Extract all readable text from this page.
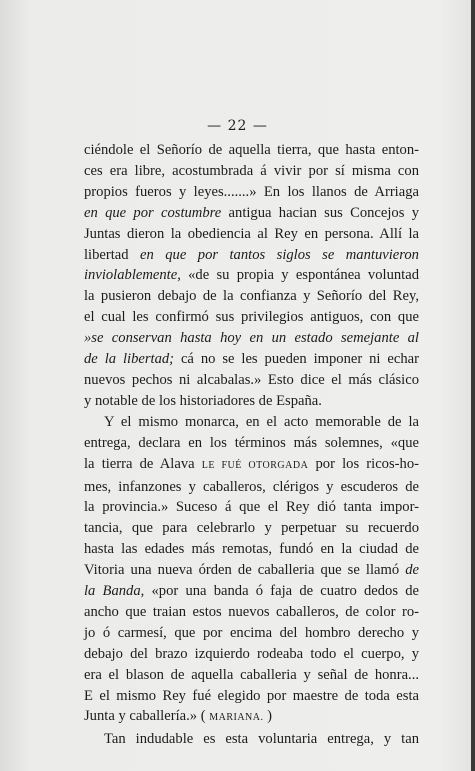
— 22 —

ciéndole el Señorío de aquella tierra, que hasta enton-
ces era libre, acostumbrada á vivir por sí misma con
propios fueros y leyes.......» En los llanos de Arriaga
en que por costumbre antigua hacian sus Concejos y
Juntas dieron la obediencia al Rey en persona. Allí la
libertad en que por tantos siglos se mantuvieron
inviolablemente, «de su propia y espontánea voluntad
la pusieron debajo de la confianza y Señorío del Rey,
el cual les confirmó sus privilegios antiguos, con que
»se conservan hasta hoy en un estado semejante al
de la libertad; cá no se les pueden imponer ni echar
nuevos pechos ni alcabalas.» Esto dice el más clásico
y notable de los historiadores de España.

Y el mismo monarca, en el acto memorable de la
entrega, declara en los términos más solemnes, «que
la tierra de Alava LE FUÉ OTORGADA por los ricos-ho-
mes, infanzones y caballeros, clérigos y escuderos de
la provincia.» Suceso á que el Rey dió tanta impor-
tancia, que para celebrarlo y perpetuar su recuerdo
hasta las edades más remotas, fundó en la ciudad de
Vitoria una nueva órden de caballeria que se llamó de
la Banda, «por una banda ó faja de cuatro dedos de
ancho que traian estos nuevos caballeros, de color ro-
jo ó carmesí, que por encima del hombro derecho y
debajo del brazo izquierdo rodeaba todo el cuerpo, y
era el blason de aquella caballeria y señal de honra...
E el mismo Rey fué elegido por maestre de toda esta
Junta y caballería.» ( MARIANA. )

Tan indudable es esta voluntaria entrega, y tan
